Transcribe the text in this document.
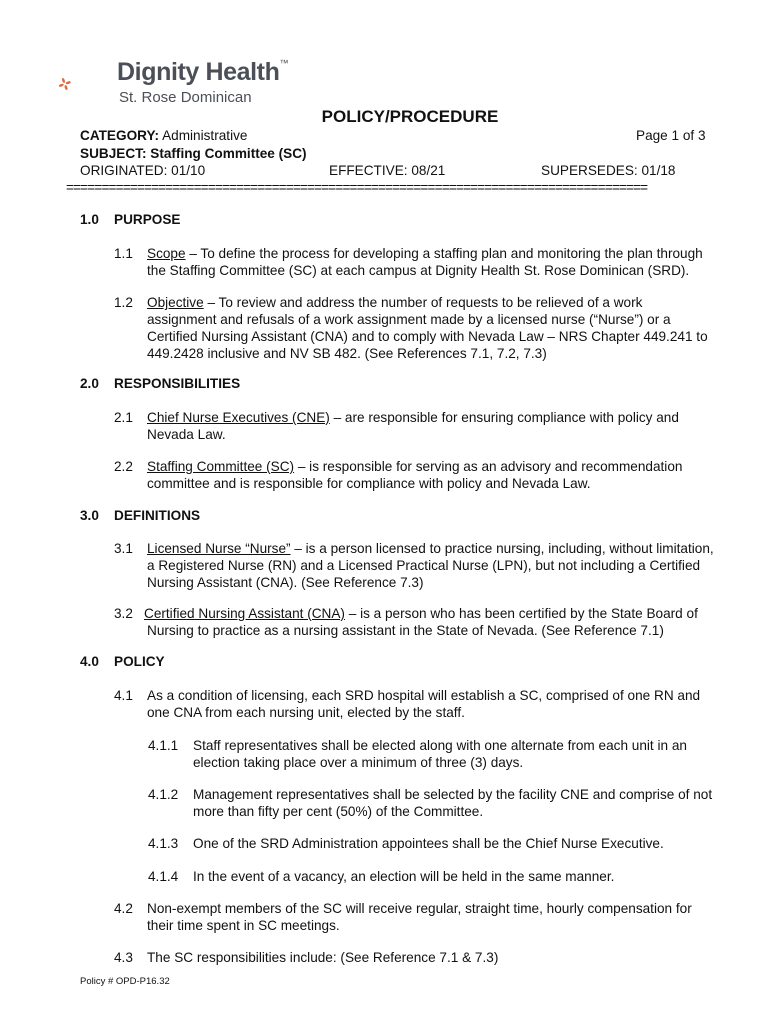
Dignity Health™
St. Rose Dominican
POLICY/PROCEDURE
CATEGORY: Administrative	Page 1 of 3
SUBJECT: Staffing Committee (SC)
ORIGINATED: 01/10	EFFECTIVE: 08/21	SUPERSEDES: 01/18
==================================================================================
1.0 PURPOSE
1.1 Scope – To define the process for developing a staffing plan and monitoring the plan through
the Staffing Committee (SC) at each campus at Dignity Health St. Rose Dominican (SRD).
1.2 Objective – To review and address the number of requests to be relieved of a work
assignment and refusals of a work assignment made by a licensed nurse (“Nurse”) or a
Certified Nursing Assistant (CNA) and to comply with Nevada Law – NRS Chapter 449.241 to
449.2428 inclusive and NV SB 482. (See References 7.1, 7.2, 7.3)
2.0 RESPONSIBILITIES
2.1 Chief Nurse Executives (CNE) – are responsible for ensuring compliance with policy and
Nevada Law.
2.2 Staffing Committee (SC) – is responsible for serving as an advisory and recommendation
committee and is responsible for compliance with policy and Nevada Law.
3.0 DEFINITIONS
3.1 Licensed Nurse “Nurse” – is a person licensed to practice nursing, including, without limitation,
a Registered Nurse (RN) and a Licensed Practical Nurse (LPN), but not including a Certified
Nursing Assistant (CNA). (See Reference 7.3)
3.2 Certified Nursing Assistant (CNA) – is a person who has been certified by the State Board of
Nursing to practice as a nursing assistant in the State of Nevada. (See Reference 7.1)
4.0 POLICY
4.1 As a condition of licensing, each SRD hospital will establish a SC, comprised of one RN and
one CNA from each nursing unit, elected by the staff.
4.1.1 Staff representatives shall be elected along with one alternate from each unit in an
election taking place over a minimum of three (3) days.
4.1.2 Management representatives shall be selected by the facility CNE and comprise of not
more than fifty per cent (50%) of the Committee.
4.1.3 One of the SRD Administration appointees shall be the Chief Nurse Executive.
4.1.4 In the event of a vacancy, an election will be held in the same manner.
4.2 Non-exempt members of the SC will receive regular, straight time, hourly compensation for
their time spent in SC meetings.
4.3 The SC responsibilities include: (See Reference 7.1 & 7.3)
Policy # OPD-P16.32
